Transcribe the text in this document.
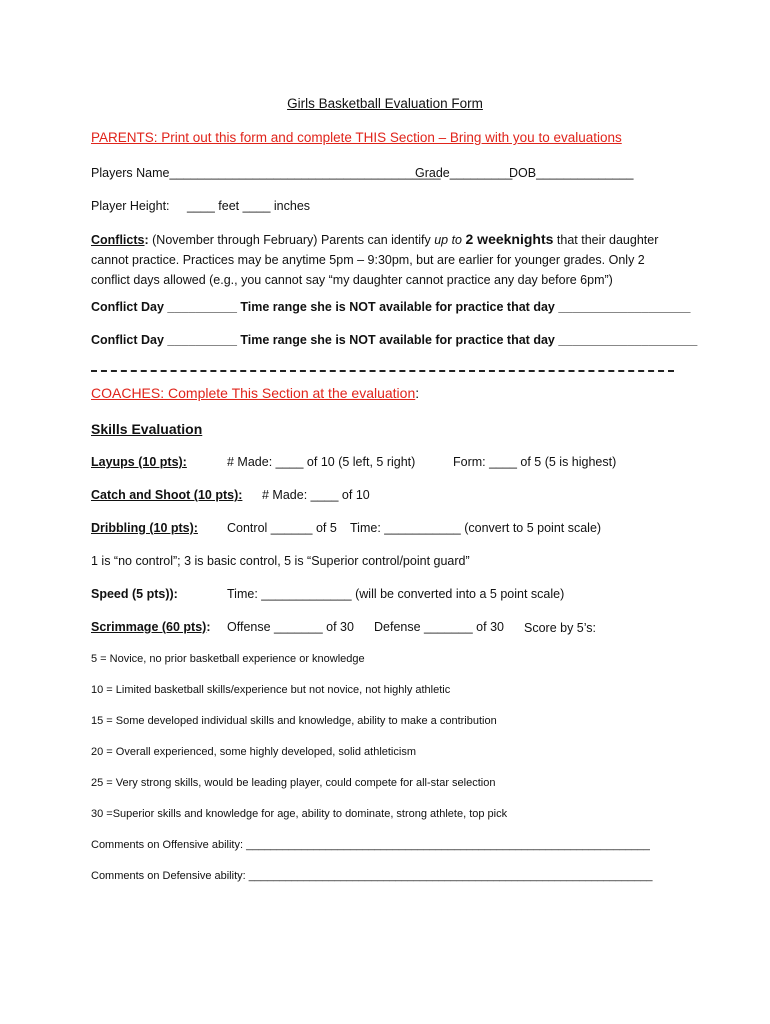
Girls Basketball Evaluation Form
PARENTS: Print out this form and complete THIS Section – Bring with you to evaluations
Players Name_______________________________________
Grade_________
DOB______________
Player Height: ____ feet ____ inches
Conflicts: (November through February) Parents can identify up to 2 weeknights that their daughter cannot practice. Practices may be anytime 5pm – 9:30pm, but are earlier for younger grades. Only 2 conflict days allowed (e.g., you cannot say “my daughter cannot practice any day before 6pm”)
Conflict Day __________ Time range she is NOT available for practice that day ___________________
Conflict Day __________ Time range she is NOT available for practice that day ____________________
COACHES: Complete This Section at the evaluation:
Skills Evaluation
Layups (10 pts):	# Made: ____ of 10 (5 left, 5 right)	Form: ____ of 5 (5 is highest)
Catch and Shoot (10 pts): # Made: ____ of 10
Dribbling (10 pts): Control ______ of 5 Time: ___________ (convert to 5 point scale)
1 is “no control”; 3 is basic control, 5 is “Superior control/point guard”
Speed (5 pts)):	Time: _____________ (will be converted into a 5 point scale)
Scrimmage (60 pts): Offense _______ of 30 Defense _______ of 30 Score by 5’s:
5 = Novice, no prior basketball experience or knowledge
10 = Limited basketball skills/experience but not novice, not highly athletic
15 = Some developed individual skills and knowledge, ability to make a contribution
20 = Overall experienced, some highly developed, solid athleticism
25 = Very strong skills, would be leading player, could compete for all-star selection
30 =Superior skills and knowledge for age, ability to dominate, strong athlete, top pick
Comments on Offensive ability: __________________________________________________________________
Comments on Defensive ability: __________________________________________________________________
